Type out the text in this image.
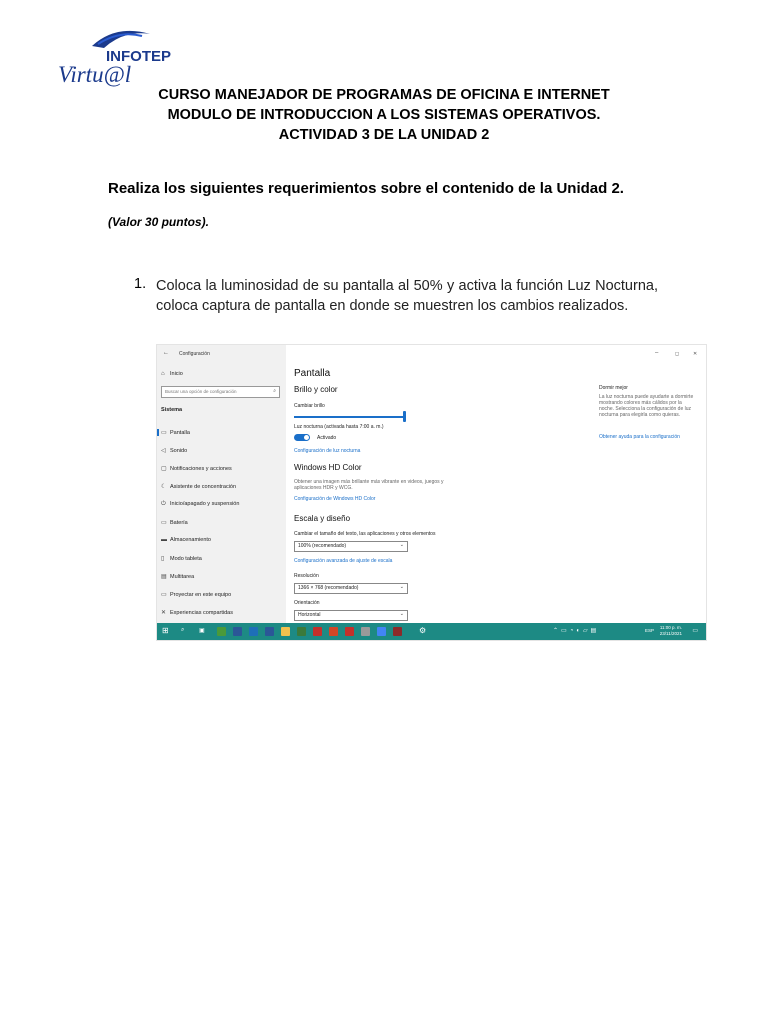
INFOTEP
Virtu@l
CURSO MANEJADOR DE PROGRAMAS DE OFICINA E INTERNET
MODULO DE INTRODUCCION A LOS SISTEMAS OPERATIVOS.
ACTIVIDAD 3 DE LA UNIDAD 2
Realiza los siguientes requerimientos sobre el contenido de la Unidad 2.
(Valor 30 puntos).
1. Coloca la luminosidad de su pantalla al 50% y activa la función Luz Nocturna, coloca captura de pantalla en donde se muestren los cambios realizados.
← Configuración	–	◻	✕
⌂ Inicio
Buscar una opción de configuración	⌕
Sistema
▭ Pantalla
◁ Sonido
▢ Notificaciones y acciones
☾ Asistente de concentración
⏻ Inicio/apagado y suspensión
▭ Batería
▬ Almacenamiento
▯ Modo tableta
▤ Multitarea
▭ Proyectar en este equipo
✕ Experiencias compartidas
Pantalla
Brillo y color
Cambiar brillo
Luz nocturna (activada hasta 7:00 a. m.)
Activado
Configuración de luz nocturna
Windows HD Color
Obtener una imagen más brillante más vibrante en videos, juegos y aplicaciones HDR y WCG.
Configuración de Windows HD Color
Escala y diseño
Cambiar el tamaño del texto, las aplicaciones y otros elementos
100% (recomendado)	⌄
Configuración avanzada de ajuste de escala
Resolución
1366 × 768 (recomendado)	⌄
Orientación
Horizontal	⌄
Dormir mejor
La luz nocturna puede ayudarte a dormirte mostrando colores más cálidos por la noche. Selecciona la configuración de luz nocturna para elegirla como quieras.
Obtener ayuda para la configuración
⊞ ⌕ ▣	⚙	⌃▭◔◐▱▤	ESP
11:00 p. m.
23/11/2021 ▭
